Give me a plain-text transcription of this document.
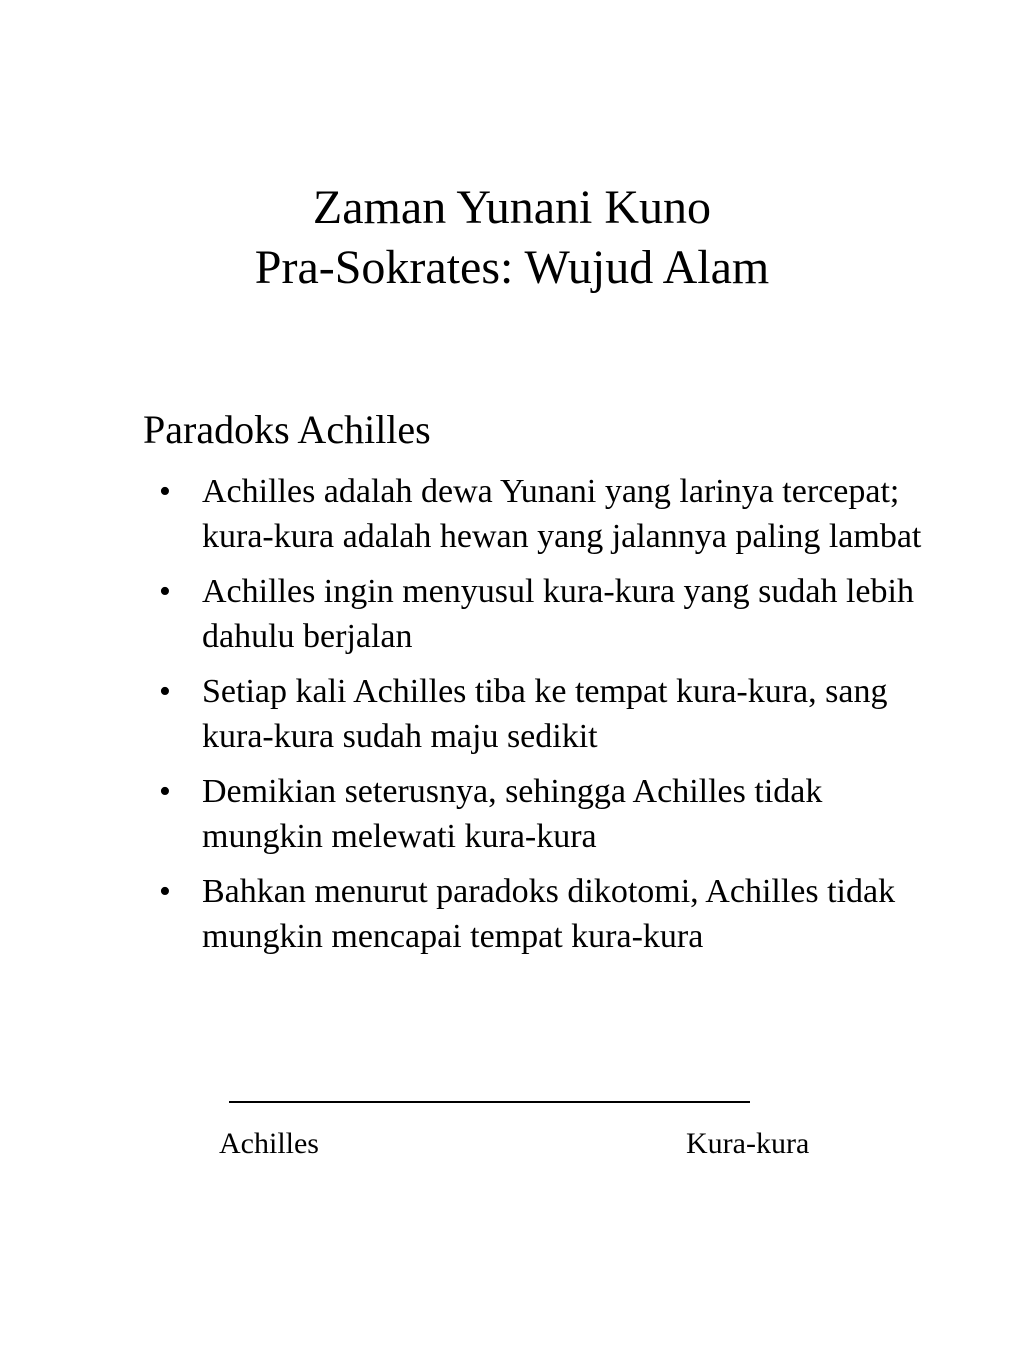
Zaman Yunani Kuno
Pra-Sokrates: Wujud Alam
Paradoks Achilles
• Achilles adalah dewa Yunani yang larinya tercepat; kura-kura adalah hewan yang jalannya paling lambat
• Achilles ingin menyusul kura-kura yang sudah lebih dahulu berjalan
• Setiap kali Achilles tiba ke tempat kura-kura, sang kura-kura sudah maju sedikit
• Demikian seterusnya, sehingga Achilles tidak mungkin melewati kura-kura
• Bahkan menurut paradoks dikotomi, Achilles tidak mungkin mencapai tempat kura-kura
Achilles	Kura-kura
